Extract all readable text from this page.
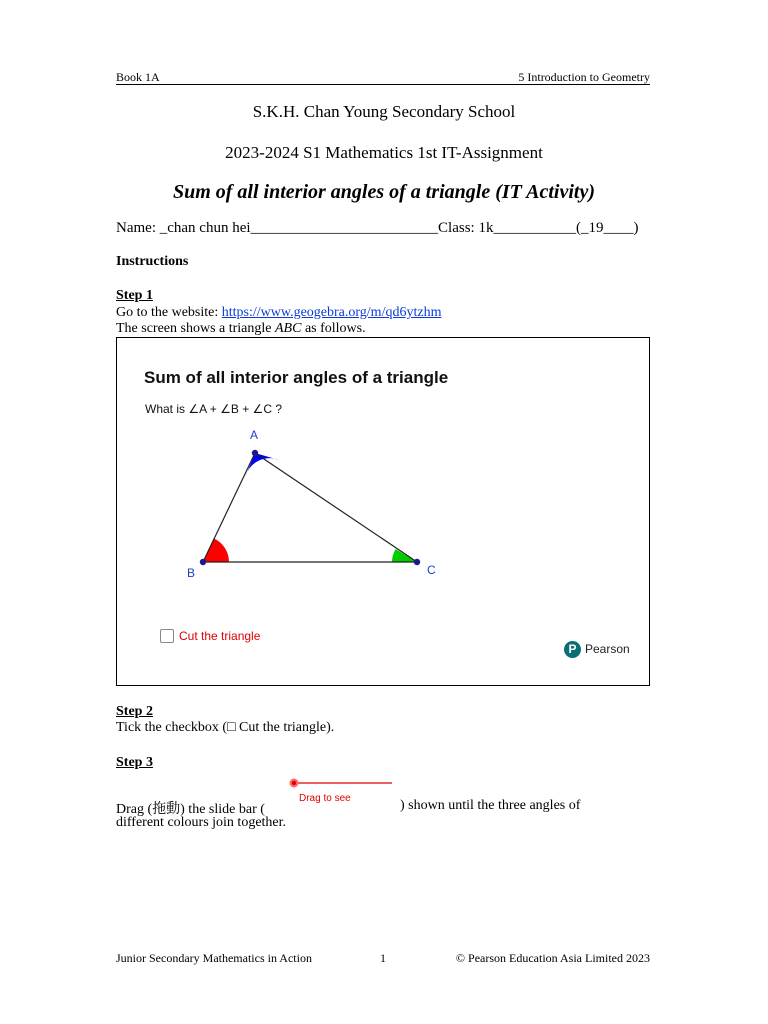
Book 1A	5 Introduction to Geometry
S.K.H. Chan Young Secondary School
2023-2024 S1 Mathematics 1st IT-Assignment
Sum of all interior angles of a triangle (IT Activity)
Name: _chan chun hei_________________________Class: 1k___________(_19____)
Instructions
Step 1
Go to the website: https://www.geogebra.org/m/qd6ytzhm
The screen shows a triangle ABC as follows.
Sum of all interior angles of a triangle
What is ∠A + ∠B + ∠C ?
A
B	C
Cut the triangle
P Pearson
Step 2
Tick the checkbox (□ Cut the triangle).
Step 3
Drag to see
Drag (拖動) the slide bar (	) shown until the three angles of
different colours join together.
Junior Secondary Mathematics in Action	1	© Pearson Education Asia Limited 2023
